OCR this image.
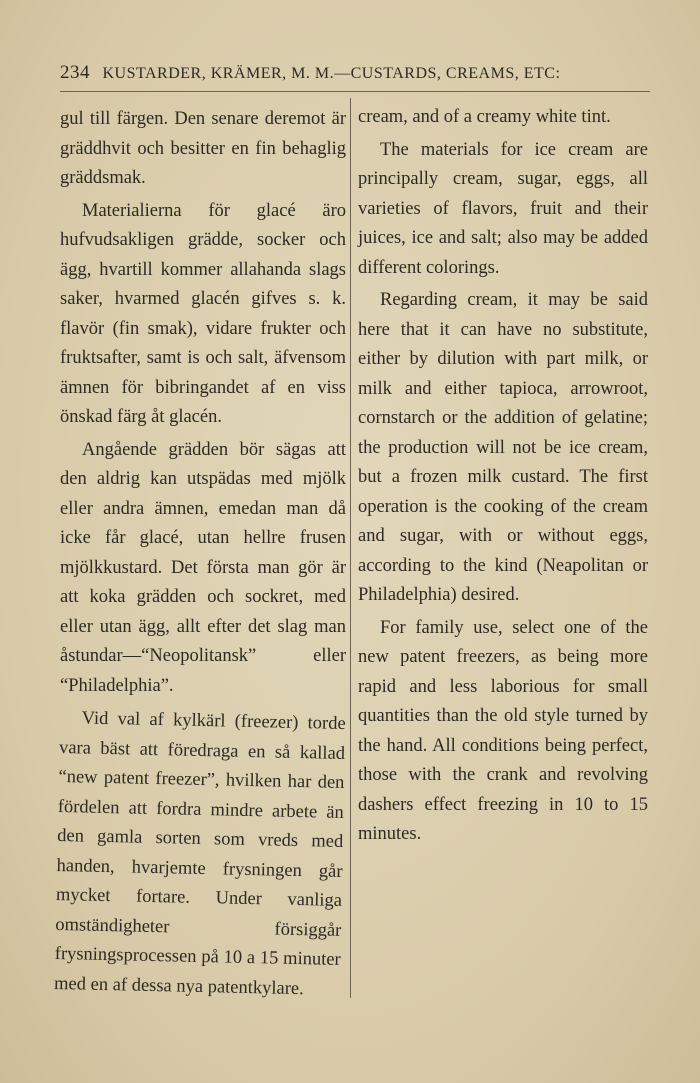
234 KUSTARDER, KRÄMER, M. M.—CUSTARDS, CREAMS, ETC:

gul till färgen. Den senare deremot är gräddhvit och besitter en fin behaglig gräddsmak.

Materialierna för glacé äro hufvudsakligen grädde, socker och ägg, hvartill kommer allahanda slags saker, hvarmed glacén gifves s. k. flavör (fin smak), vidare frukter och fruktsafter, samt is och salt, äfvensom ämnen för bibringandet af en viss önskad färg åt glacén.

Angående grädden bör sägas att den aldrig kan utspädas med mjölk eller andra ämnen, emedan man då icke får glacé, utan hellre frusen mjölkkustard. Det första man gör är att koka grädden och sockret, med eller utan ägg, allt efter det slag man åstundar—“Neopolitansk” eller “Philadelphia”.

Vid val af kylkärl (freezer) torde vara bäst att föredraga en så kallad “new patent freezer”, hvilken har den fördelen att fordra mindre arbete än den gamla sorten som vreds med handen, hvarjemte frysningen går mycket fortare. Under vanliga omständigheter försiggår frysningsprocessen på 10 a 15 minuter med en af dessa nya patentkylare.

cream, and of a creamy white tint.

The materials for ice cream are principally cream, sugar, eggs, all varieties of flavors, fruit and their juices, ice and salt; also may be added different colorings.

Regarding cream, it may be said here that it can have no substitute, either by dilution with part milk, or milk and either tapioca, arrowroot, cornstarch or the addition of gelatine; the production will not be ice cream, but a frozen milk custard. The first operation is the cooking of the cream and sugar, with or without eggs, according to the kind (Neapolitan or Philadelphia) desired.

For family use, select one of the new patent freezers, as being more rapid and less laborious for small quantities than the old style turned by the hand. All conditions being perfect, those with the crank and revolving dashers effect freezing in 10 to 15 minutes.
